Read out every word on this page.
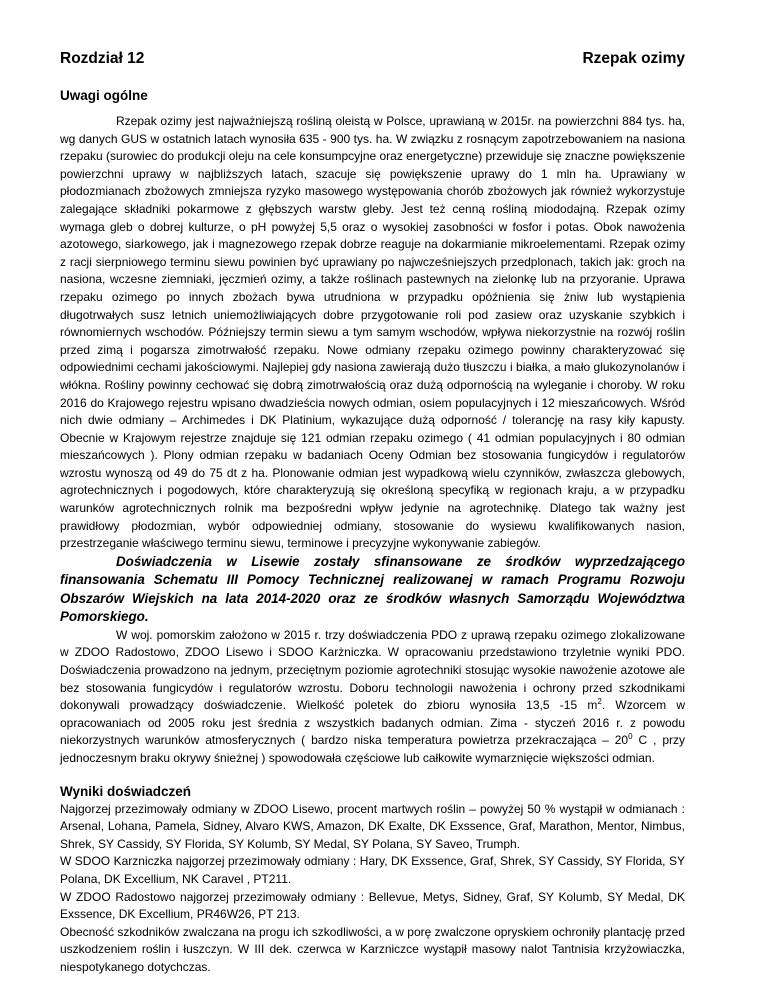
Rozdział 12	Rzepak ozimy
Uwagi ogólne

Rzepak ozimy jest najważniejszą rośliną oleistą w Polsce, uprawianą w 2015r. na powierzchni 884 tys. ha, wg danych GUS w ostatnich latach wynosiła 635 - 900 tys. ha. W związku z rosnącym zapotrzebowaniem na nasiona rzepaku (surowiec do produkcji oleju na cele konsumpcyjne oraz energetyczne) przewiduje się znaczne powiększenie powierzchni uprawy w najbliższych latach, szacuje się powiększenie uprawy do 1 mln ha. Uprawiany w płodozmianach zbożowych zmniejsza ryzyko masowego występowania chorób zbożowych jak również wykorzystuje zalegające składniki pokarmowe z głębszych warstw gleby. Jest też cenną rośliną miododajną. Rzepak ozimy wymaga gleb o dobrej kulturze, o pH powyżej 5,5 oraz o wysokiej zasobności w fosfor i potas. Obok nawożenia azotowego, siarkowego, jak i magnezowego rzepak dobrze reaguje na dokarmianie mikroelementami. Rzepak ozimy z racji sierpniowego terminu siewu powinien być uprawiany po najwcześniejszych przedplonach, takich jak: groch na nasiona, wczesne ziemniaki, jęczmień ozimy, a także roślinach pastewnych na zielonkę lub na przyoranie. Uprawa rzepaku ozimego po innych zbożach bywa utrudniona w przypadku opóźnienia się żniw lub wystąpienia długotrwałych susz letnich uniemożliwiających dobre przygotowanie roli pod zasiew oraz uzyskanie szybkich i równomiernych wschodów. Późniejszy termin siewu a tym samym wschodów, wpływa niekorzystnie na rozwój roślin przed zimą i pogarsza zimotrwałość rzepaku. Nowe odmiany rzepaku ozimego powinny charakteryzować się odpowiednimi cechami jakościowymi. Najlepiej gdy nasiona zawierają dużo tłuszczu i białka, a mało glukozynolanów i włókna. Rośliny powinny cechować się dobrą zimotrwałością oraz dużą odpornością na wyleganie i choroby. W roku 2016 do Krajowego rejestru wpisano dwadzieścia nowych odmian, osiem populacyjnych i 12 mieszańcowych. Wśród nich dwie odmiany – Archimedes i DK Platinium, wykazujące dużą odporność / tolerancję na rasy kiły kapusty. Obecnie w Krajowym rejestrze znajduje się 121 odmian rzepaku ozimego ( 41 odmian populacyjnych i 80 odmian mieszańcowych ). Plony odmian rzepaku w badaniach Oceny Odmian bez stosowania fungicydów i regulatorów wzrostu wynoszą od 49 do 75 dt z ha. Plonowanie odmian jest wypadkową wielu czynników, zwłaszcza glebowych, agrotechnicznych i pogodowych, które charakteryzują się określoną specyfiką w regionach kraju, a w przypadku warunków agrotechnicznych rolnik ma bezpośredni wpływ jedynie na agrotechnikę. Dlatego tak ważny jest prawidłowy płodozmian, wybór odpowiedniej odmiany, stosowanie do wysiewu kwalifikowanych nasion, przestrzeganie właściwego terminu siewu, terminowe i precyzyjne wykonywanie zabiegów.

Doświadczenia w Lisewie zostały sfinansowane ze środków wyprzedzającego finansowania Schematu III Pomocy Technicznej realizowanej w ramach Programu Rozwoju Obszarów Wiejskich na lata 2014-2020 oraz ze środków własnych Samorządu Województwa Pomorskiego.

W woj. pomorskim założono w 2015 r. trzy doświadczenia PDO z uprawą rzepaku ozimego zlokalizowane w ZDOO Radostowo, ZDOO Lisewo i SDOO Karżniczka. W opracowaniu przedstawiono trzyletnie wyniki PDO. Doświadczenia prowadzono na jednym, przeciętnym poziomie agrotechniki stosując wysokie nawożenie azotowe ale bez stosowania fungicydów i regulatorów wzrostu. Doboru technologii nawożenia i ochrony przed szkodnikami dokonywali prowadzący doświadczenie. Wielkość poletek do zbioru wynosiła 13,5 -15 $m^2$. Wzorcem w opracowaniach od 2005 roku jest średnia z wszystkich badanych odmian. Zima - styczeń 2016 r. z powodu niekorzystnych warunków atmosferycznych ( bardzo niska temperatura powietrza przekraczająca – $20^0$ C , przy jednoczesnym braku okrywy śnieżnej ) spowodowała częściowe lub całkowite wymarznięcie większości odmian.

Wyniki doświadczeń

Najgorzej przezimowały odmiany w ZDOO Lisewo, procent martwych roślin – powyżej 50 % wystąpił w odmianach : Arsenal, Lohana, Pamela, Sidney, Alvaro KWS, Amazon, DK Exalte, DK Exssence, Graf, Marathon, Mentor, Nimbus, Shrek, SY Cassidy, SY Florida, SY Kolumb, SY Medal, SY Polana, SY Saveo, Trumph.

W SDOO Karzniczka najgorzej przezimowały odmiany : Hary, DK Exssence, Graf, Shrek, SY Cassidy, SY Florida, SY Polana, DK Excellium, NK Caravel , PT211.

W ZDOO Radostowo najgorzej przezimowały odmiany : Bellevue, Metys, Sidney, Graf, SY Kolumb, SY Medal, DK Exssence, DK Excellium, PR46W26, PT 213.

Obecność szkodników zwalczana na progu ich szkodliwości, a w porę zwalczone opryskiem ochroniły plantację przed uszkodzeniem roślin i łuszczyn. W III dek. czerwca w Karzniczce wystąpił masowy nalot Tantnisia krzyżowiaczka, niespotykanego dotychczas.
